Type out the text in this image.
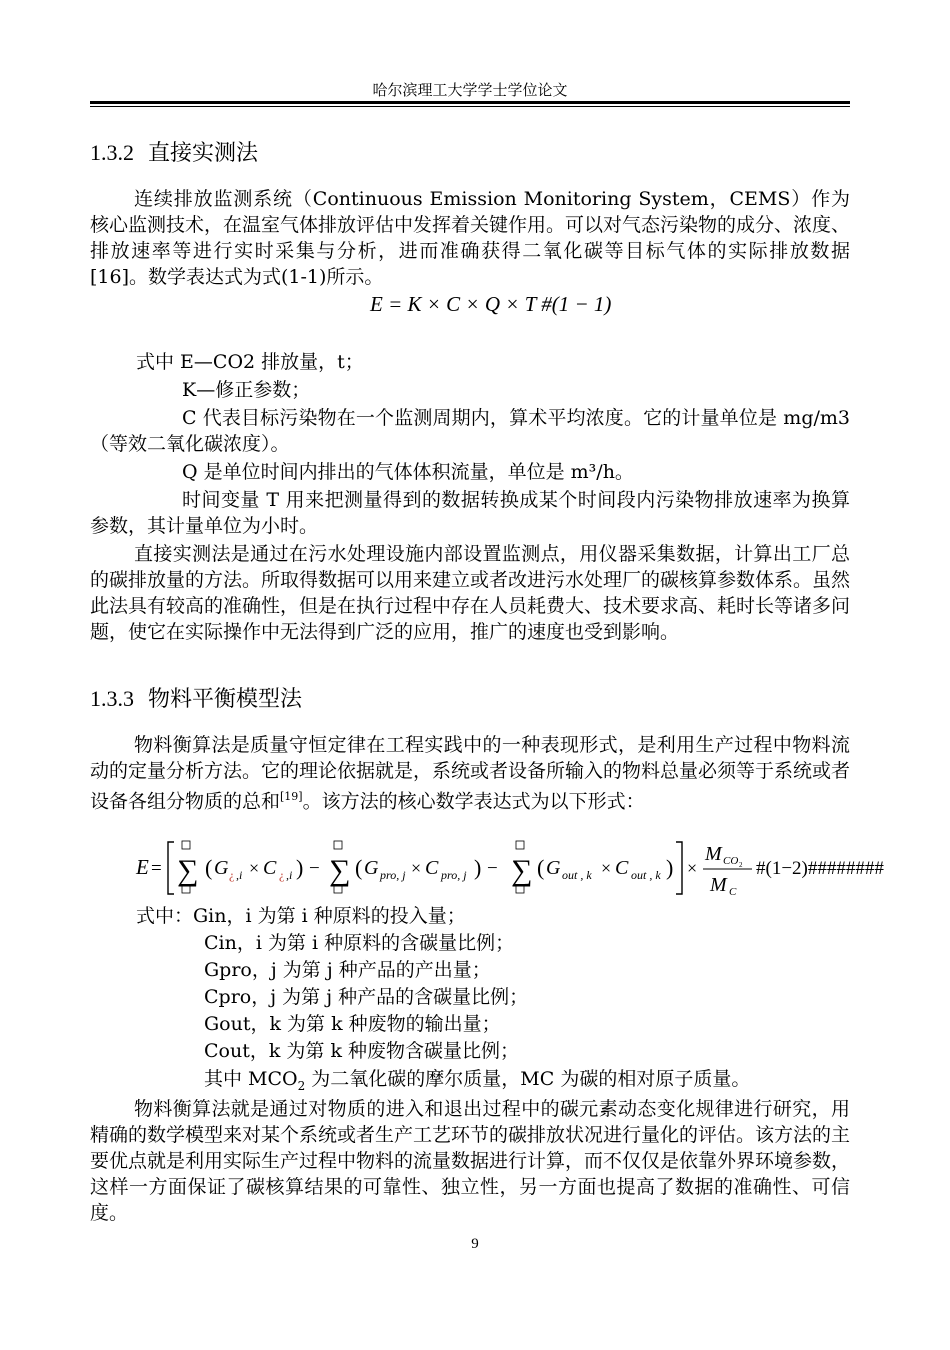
哈尔滨理工大学学士学位论文
1.3.2 直接实测法
连续排放监测系统（Continuous Emission Monitoring System，CEMS）作为核心监测技术，在温室气体排放评估中发挥着关键作用。可以对气态污染物的成分、浓度、排放速率等进行实时采集与分析，进而准确获得二氧化碳等目标气体的实际排放数据[16]。数学表达式为式(1-1)所示。
E = K × C × Q × T #(1 − 1)
式中 E—CO2 排放量，t；
K—修正参数；
C 代表目标污染物在一个监测周期内，算术平均浓度。它的计量单位是 mg/m3（等效二氧化碳浓度）。
Q 是单位时间内排出的气体体积流量，单位是 m³/h。
时间变量 T 用来把测量得到的数据转换成某个时间段内污染物排放速率为换算参数，其计量单位为小时。
直接实测法是通过在污水处理设施内部设置监测点，用仪器采集数据，计算出工厂总的碳排放量的方法。所取得数据可以用来建立或者改进污水处理厂的碳核算参数体系。虽然此法具有较高的准确性，但是在执行过程中存在人员耗费大、技术要求高、耗时长等诸多问题，使它在实际操作中无法得到广泛的应用，推广的速度也受到影响。
1.3.3 物料平衡模型法
物料衡算法是质量守恒定律在工程实践中的一种表现形式，是利用生产过程中物料流动的定量分析方法。它的理论依据就是，系统或者设备所输入的物料总量必须等于系统或者设备各组分物质的总和[19]。该方法的核心数学表达式为以下形式：
E = ∑ ( G ¿ ,i × C ¿ ,i ) − ∑ ( G pro, j × C pro, j ) − ∑ ( G out , k × C out , k ) ×
M CO 2
M C
#(1−2)########
式中：Gin，i 为第 i 种原料的投入量；
Cin，i 为第 i 种原料的含碳量比例；
Gpro，j 为第 j 种产品的产出量；
Cpro，j 为第 j 种产品的含碳量比例；
Gout，k 为第 k 种废物的输出量；
Cout，k 为第 k 种废物含碳量比例；
其中 $MCO_2$ 为二氧化碳的摩尔质量，MC 为碳的相对原子质量。
物料衡算法就是通过对物质的进入和退出过程中的碳元素动态变化规律进行研究，用精确的数学模型来对某个系统或者生产工艺环节的碳排放状况进行量化的评估。该方法的主要优点就是利用实际生产过程中物料的流量数据进行计算，而不仅仅是依靠外界环境参数，这样一方面保证了碳核算结果的可靠性、独立性，另一方面也提高了数据的准确性、可信度。
9
